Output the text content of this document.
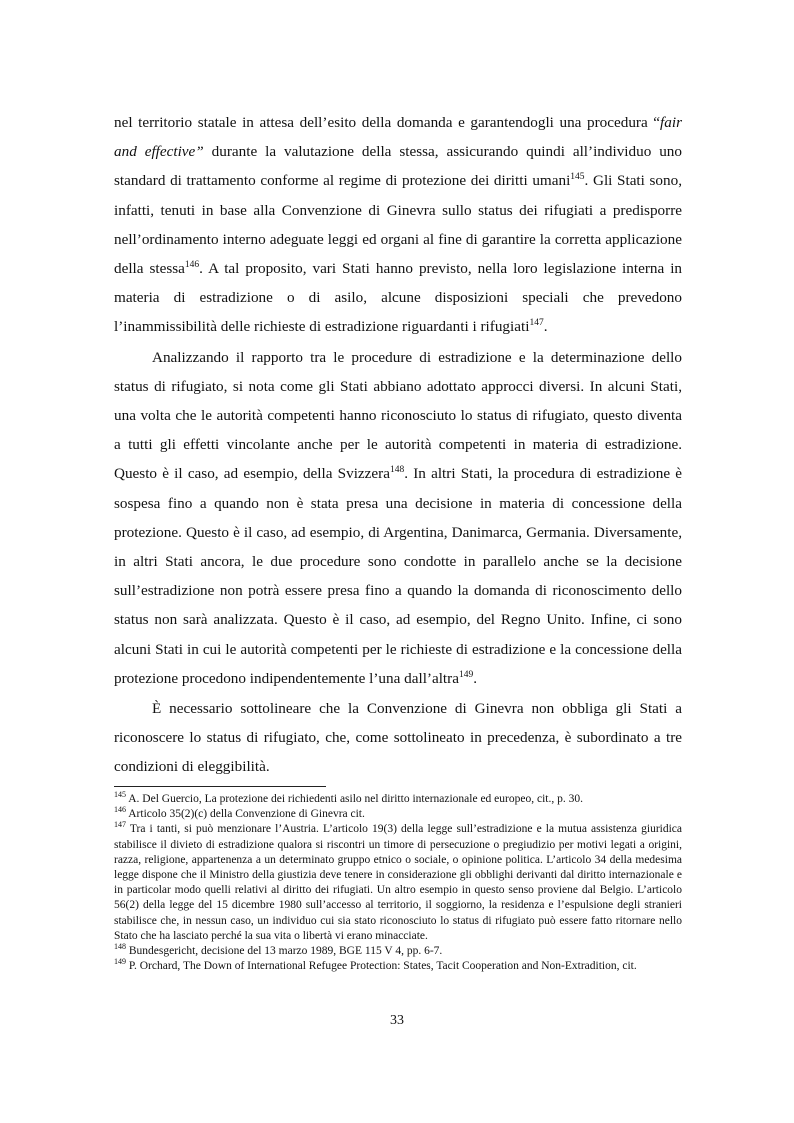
nel territorio statale in attesa dell’esito della domanda e garantendogli una procedura “fair and effective” durante la valutazione della stessa, assicurando quindi all’individuo uno standard di trattamento conforme al regime di protezione dei diritti umani$^{145}$. Gli Stati sono, infatti, tenuti in base alla Convenzione di Ginevra sullo status dei rifugiati a predisporre nell’ordinamento interno adeguate leggi ed organi al fine di garantire la corretta applicazione della stessa$^{146}$. A tal proposito, vari Stati hanno previsto, nella loro legislazione interna in materia di estradizione o di asilo, alcune disposizioni speciali che prevedono l’inammissibilità delle richieste di estradizione riguardanti i rifugiati$^{147}$.

Analizzando il rapporto tra le procedure di estradizione e la determinazione dello status di rifugiato, si nota come gli Stati abbiano adottato approcci diversi. In alcuni Stati, una volta che le autorità competenti hanno riconosciuto lo status di rifugiato, questo diventa a tutti gli effetti vincolante anche per le autorità competenti in materia di estradizione. Questo è il caso, ad esempio, della Svizzera$^{148}$. In altri Stati, la procedura di estradizione è sospesa fino a quando non è stata presa una decisione in materia di concessione della protezione. Questo è il caso, ad esempio, di Argentina, Danimarca, Germania. Diversamente, in altri Stati ancora, le due procedure sono condotte in parallelo anche se la decisione sull’estradizione non potrà essere presa fino a quando la domanda di riconoscimento dello status non sarà analizzata. Questo è il caso, ad esempio, del Regno Unito. Infine, ci sono alcuni Stati in cui le autorità competenti per le richieste di estradizione e la concessione della protezione procedono indipendentemente l’una dall’altra$^{149}$.

È necessario sottolineare che la Convenzione di Ginevra non obbliga gli Stati a riconoscere lo status di rifugiato, che, come sottolineato in precedenza, è subordinato a tre condizioni di eleggibilità.

$^{145}$ A. Del Guercio, La protezione dei richiedenti asilo nel diritto internazionale ed europeo, cit., p. 30.

$^{146}$ Articolo 35(2)(c) della Convenzione di Ginevra cit.

$^{147}$ Tra i tanti, si può menzionare l’Austria. L’articolo 19(3) della legge sull’estradizione e la mutua assistenza giuridica stabilisce il divieto di estradizione qualora si riscontri un timore di persecuzione o pregiudizio per motivi legati a origini, razza, religione, appartenenza a un determinato gruppo etnico o sociale, o opinione politica. L’articolo 34 della medesima legge dispone che il Ministro della giustizia deve tenere in considerazione gli obblighi derivanti dal diritto internazionale e in particolar modo quelli relativi al diritto dei rifugiati. Un altro esempio in questo senso proviene dal Belgio. L’articolo 56(2) della legge del 15 dicembre 1980 sull’accesso al territorio, il soggiorno, la residenza e l’espulsione degli stranieri stabilisce che, in nessun caso, un individuo cui sia stato riconosciuto lo status di rifugiato può essere fatto ritornare nello Stato che ha lasciato perché la sua vita o libertà vi erano minacciate.

$^{148}$ Bundesgericht, decisione del 13 marzo 1989, BGE 115 V 4, pp. 6-7.

$^{149}$ P. Orchard, The Down of International Refugee Protection: States, Tacit Cooperation and Non-Extradition, cit.

33
